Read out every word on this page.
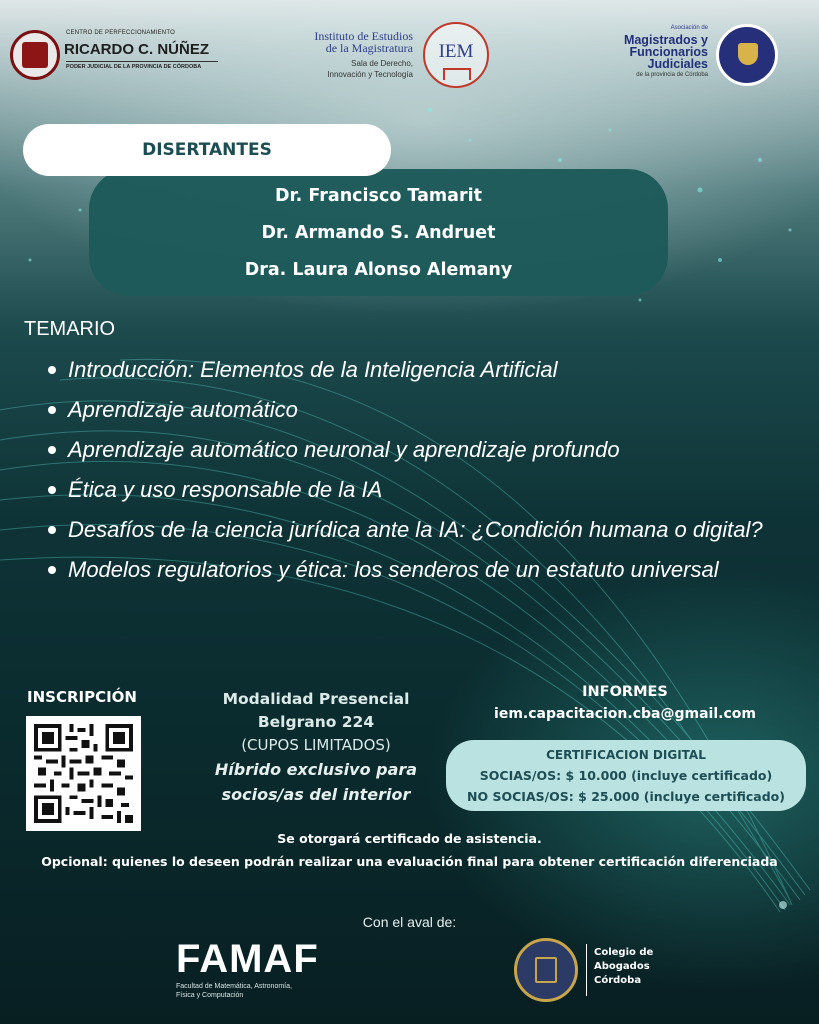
CENTRO DE PERFECCIONAMIENTO
RICARDO C. NÚÑEZ
PODER JUDICIAL DE LA PROVINCIA DE CÓRDOBA
Instituto de Estudios
de la Magistratura
Sala de Derecho,
Innovación y Tecnología
IEM
Asociación de
Magistrados y
Funcionarios
Judiciales
de la provincia de Córdoba
DISERTANTES
Dr. Francisco Tamarit
Dr. Armando S. Andruet
Dra. Laura Alonso Alemany
TEMARIO
Introducción: Elementos de la Inteligencia Artificial
Aprendizaje automático
Aprendizaje automático neuronal y aprendizaje profundo
Ética y uso responsable de la IA
Desafíos de la ciencia jurídica ante la IA: ¿Condición humana o digital?
Modelos regulatorios y ética: los senderos de un estatuto universal
INSCRIPCIÓN	Modalidad Presencial
Belgrano 224
(CUPOS LIMITADOS)
Híbrido exclusivo para
socios/as del interior
INFORMES
iem.capacitacion.cba@gmail.com
CERTIFICACION DIGITAL
SOCIAS/OS: $ 10.000 (incluye certificado)
NO SOCIAS/OS: $ 25.000 (incluye certificado)
Se otorgará certificado de asistencia.
Opcional: quienes lo deseen podrán realizar una evaluación final para obtener certificación diferenciada
Con el aval de:
FAMAF
Facultad de Matemática, Astronomía,
Física y Computación
Colegio de
Abogados
Córdoba
